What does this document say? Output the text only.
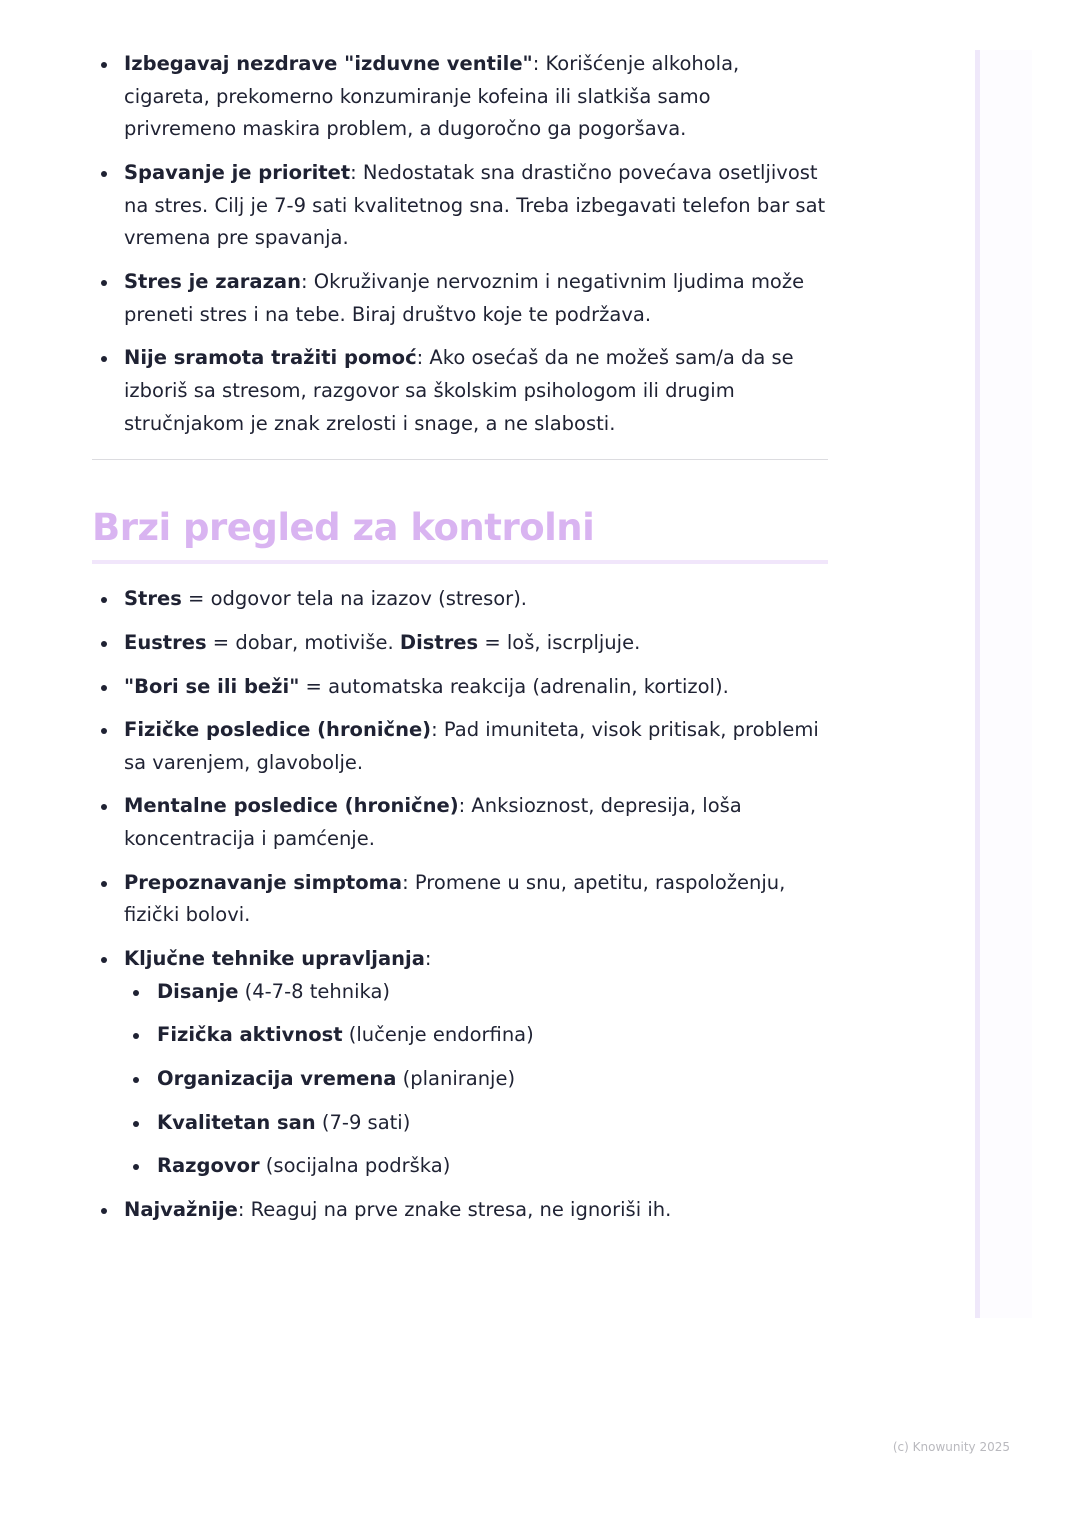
Izbegavaj nezdrave "izduvne ventile": Korišćenje alkohola, cigareta, prekomerno konzumiranje kofeina ili slatkiša samo privremeno maskira problem, a dugoročno ga pogoršava.
Spavanje je prioritet: Nedostatak sna drastično povećava osetljivost na stres. Cilj je 7-9 sati kvalitetnog sna. Treba izbegavati telefon bar sat vremena pre spavanja.
Stres je zarazan: Okruživanje nervoznim i negativnim ljudima može preneti stres i na tebe. Biraj društvo koje te podržava.
Nije sramota tražiti pomoć: Ako osećaš da ne možeš sam/a da se izboriš sa stresom, razgovor sa školskim psihologom ili drugim stručnjakom je znak zrelosti i snage, a ne slabosti.
Brzi pregled za kontrolni
Stres = odgovor tela na izazov (stresor).
Eustres = dobar, motiviše. Distres = loš, iscrpljuje.
"Bori se ili beži" = automatska reakcija (adrenalin, kortizol).
Fizičke posledice (hronične): Pad imuniteta, visok pritisak, problemi sa varenjem, glavobolje.
Mentalne posledice (hronične): Anksioznost, depresija, loša koncentracija i pamćenje.
Prepoznavanje simptoma: Promene u snu, apetitu, raspoloženju, fizički bolovi.
Ključne tehnike upravljanja:
Disanje (4-7-8 tehnika)
Fizička aktivnost (lučenje endorfina)
Organizacija vremena (planiranje)
Kvalitetan san (7-9 sati)
Razgovor (socijalna podrška)
Najvažnije: Reaguj na prve znake stresa, ne ignoriši ih.
(c) Knowunity 2025
